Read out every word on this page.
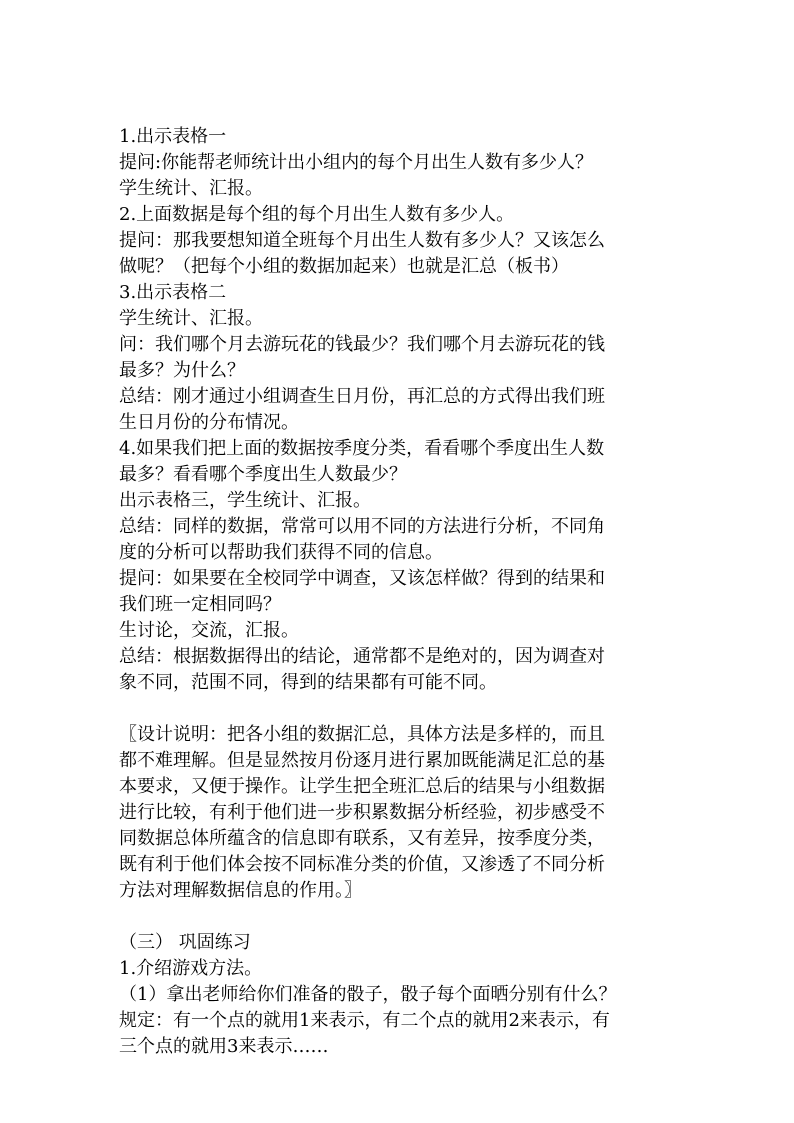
1.出示表格一
提问:你能帮老师统计出小组内的每个月出生人数有多少人？
学生统计、汇报。
2.上面数据是每个组的每个月出生人数有多少人。
提问：那我要想知道全班每个月出生人数有多少人？又该怎么
做呢？（把每个小组的数据加起来）也就是汇总（板书）
3.出示表格二
学生统计、汇报。
问：我们哪个月去游玩花的钱最少？我们哪个月去游玩花的钱
最多？为什么？
总结：刚才通过小组调查生日月份，再汇总的方式得出我们班
生日月份的分布情况。
4.如果我们把上面的数据按季度分类，看看哪个季度出生人数
最多？看看哪个季度出生人数最少？
出示表格三，学生统计、汇报。
总结：同样的数据，常常可以用不同的方法进行分析，不同角
度的分析可以帮助我们获得不同的信息。
提问：如果要在全校同学中调查，又该怎样做？得到的结果和
我们班一定相同吗？
生讨论，交流，汇报。
总结：根据数据得出的结论，通常都不是绝对的，因为调查对
象不同，范围不同，得到的结果都有可能不同。
〖设计说明：把各小组的数据汇总，具体方法是多样的，而且
都不难理解。但是显然按月份逐月进行累加既能满足汇总的基
本要求，又便于操作。让学生把全班汇总后的结果与小组数据
进行比较，有利于他们进一步积累数据分析经验，初步感受不
同数据总体所蕴含的信息即有联系，又有差异，按季度分类，
既有利于他们体会按不同标准分类的价值，又渗透了不同分析
方法对理解数据信息的作用。〗
（三） 巩固练习
1.介绍游戏方法。
（1）拿出老师给你们准备的骰子，骰子每个面晒分别有什么？
规定：有一个点的就用1来表示，有二个点的就用2来表示，有
三个点的就用3来表示……
